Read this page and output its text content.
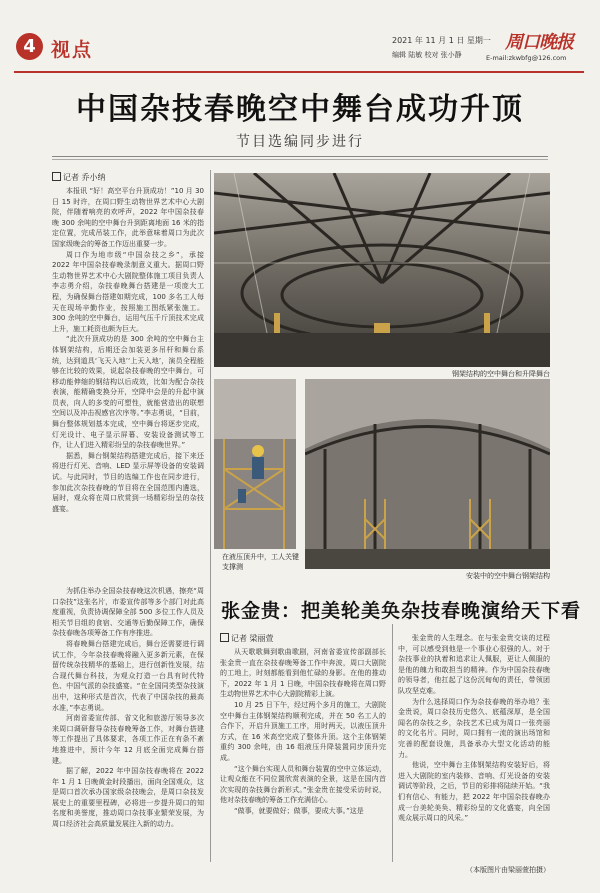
4 视点	2021 年 11 月 1 日 星期一
编辑 陆敏 校对 张小静
周口晚报
E-mail:zkwbfg@126.com
中国杂技春晚空中舞台成功升顶
节目选编同步进行
记者 乔小纳

本报讯 “好！高空平台升顶成功！”10 月 30 日 15 时许，在周口野生动物世界艺术中心大剧院，伴随着响亮的欢呼声，2022 年中国杂技春晚 300 余吨的空中舞台升到距离地面 16 米的指定位置，完成吊装工作，此举意味着周口为此次国家级晚会的筹备工作迈出重要一步。

周口作为地市级“中国杂技之乡”，承接 2022 年中国杂技春晚录制意义重大。据周口野生动物世界艺术中心大剧院整体施工项目负责人李志勇介绍，杂技春晚舞台搭建是一项庞大工程，为确保舞台搭建如期完成，100 多名工人每天在现场辛勤作业，按照施工图纸紧张施工。300 余吨的空中舞台，运用气压千斤顶技术完成上升，施工耗资也颇为巨大。

“此次升顶成功的是 300 余吨的空中舞台主体钢架结构，后期还会加装更多吊杆和舞台系统，达到道具‘飞天入地’‘上天入地’，演员全程能够在比较的效果，说起杂技春晚的空中舞台，可移动能伸缩的钢结构以后成效，比如为配合杂技表演，能精确变换分开，空降中会是的升起中演员表，向人的多变的可塑性，就能营造出的联想空间以及冲击视感官次序等。”李志勇说，“目前，舞台整体规划基本完成，空中舞台将逐步完成，灯光设计、电子显示屏幕、安装设备测试等工作，让人们进入精彩纷呈的杂技春晚世界。”

据悉，舞台钢架结构搭建完成后，接下来还将进行灯光、音响、LED 显示屏等设备的安装调试。与此同时，节目的选编工作也在同步进行，参加此次杂技春晚的节目将在全国范围内遴选，届时，观众将在周口欣赏到一场精彩纷呈的杂技盛宴。

为抓住举办全国杂技春晚这次机遇，擦亮“周口杂技”这张名片，市委宣传部等多个部门对此高度重视，负责协调保障全部 500 多位工作人员及相关节目组的食宿、交通等后勤保障工作，确保杂技春晚各项筹备工作有序推进。

将春晚舞台搭建完成后，舞台还需要进行调试工作，今年杂技春晚将融入更多新元素，在保留传统杂技精华的基础上，进行创新性发展，结合现代舞台科技，为观众打造一台具有时代特色、中国气派的杂技盛宴。“在全国同类型杂技演出中，这种形式是首次，代表了中国杂技的最高水准，”李志勇说。

河南省委宣传部、省文化和旅游厅领导多次来周口调研督导杂技春晚筹备工作，对舞台搭建等工作提出了具体要求，各项工作正在有条不紊地推进中，预计今年 12 月底全面完成舞台搭建。

据了解，2022 年中国杂技春晚将在 2022 年 1 月 1 日晚黄金时段播出，面向全国观众，这是周口首次承办国家级杂技晚会，是周口杂技发展史上的重要里程碑，必将进一步提升周口的知名度和美誉度，推动周口杂技事业繁荣发展，为周口经济社会高质量发展注入新的动力。

钢架结构的空中舞台和升降舞台
在液压顶升中，工人关键支撑测
安装中的空中舞台钢架结构
张金贵：把美轮美奂杂技春晚演给天下看
记者 梁丽萱

从天歌歌舞到歌曲歌剧，河南省委宣传部副部长张金贵一直在杂技春晚筹备工作中奔波，周口大剧院的工地上，时刻都能看到他忙碌的身影。在他的推动下，2022 年 1 月 1 日晚，中国杂技春晚将在周口野生动物世界艺术中心大剧院精彩上演。

10 月 25 日下午，经过两个多月的施工，大剧院空中舞台主体钢架结构顺利完成，并在 50 名工人的合作下，开启升顶施工工序，用时两天，以液压顶升方式，在 16 米高空完成了整体升顶。这个主体钢架重约 300 余吨，由 16 组液压升降装置同步顶升完成。

“这个舞台实现人员和舞台装置的空中立体运动，让观众能在不同位置欣赏表演的全景，这是在国内首次实现的杂技舞台新形式。”张金贵在接受采访时说，他对杂技春晚的筹备工作充满信心。

“做事，就要做好；做事，要成大事。”这是

张金贵的人生理念。在与张金贵交谈的过程中，可以感受到他是一个事业心很强的人。对于杂技事业的执着和追求让人佩服，更让人佩服的是他的魄力和敢担当的精神。作为中国杂技春晚的领导者，他扛起了这份沉甸甸的责任，带领团队攻坚克难。

为什么选择周口作为杂技春晚的举办地？张金贵说，周口杂技历史悠久、底蕴深厚，是全国闻名的杂技之乡，杂技艺术已成为周口一张亮丽的文化名片。同时，周口拥有一流的演出场馆和完善的配套设施，具备承办大型文化活动的能力。

他说，空中舞台主体钢架结构安装好后，将进入大剧院的室内装修、音响、灯光设备的安装调试等阶段，之后，节目的彩排将陆续开始。“我们有信心、有能力，把 2022 年中国杂技春晚办成一台美轮美奂、精彩纷呈的文化盛宴，向全国观众展示周口的风采。”

（本版图片由梁丽萱拍摄）
